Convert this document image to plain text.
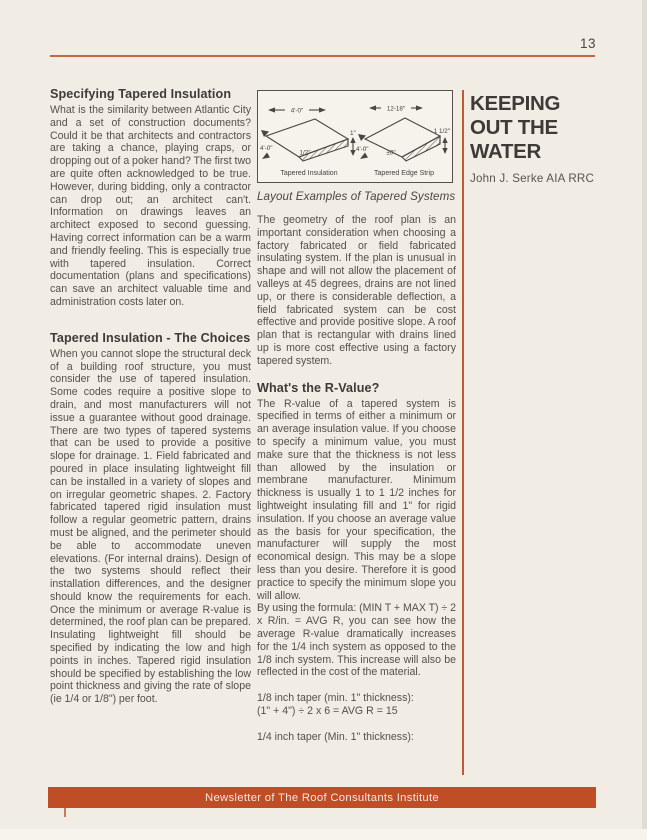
13
Specifying Tapered Insulation

What is the similarity between Atlantic City and a set of construction documents? Could it be that architects and contractors are taking a chance, playing craps, or dropping out of a poker hand? The first two are quite often acknowledged to be true. However, during bidding, only a contractor can drop out; an architect can't. Information on drawings leaves an architect exposed to second guessing. Having correct information can be a warm and friendly feeling. This is especially true with tapered insulation. Correct documentation (plans and specifications) can save an architect valuable time and administration costs later on.

Tapered Insulation - The Choices

When you cannot slope the structural deck of a building roof structure, you must consider the use of tapered insulation. Some codes require a positive slope to drain, and most manufacturers will not issue a guarantee without good drainage. There are two types of tapered systems that can be used to provide a positive slope for drainage. 1. Field fabricated and poured in place insulating lightweight fill can be installed in a variety of slopes and on irregular geometric shapes. 2. Factory fabricated tapered rigid insulation must follow a regular geometric pattern, drains must be aligned, and the perimeter should be able to accommodate uneven elevations. (For internal drains). Design of the two systems should reflect their installation differences, and the designer should know the requirements for each. Once the minimum or average R-value is determined, the roof plan can be prepared. Insulating lightweight fill should be specified by indicating the low and high points in inches. Tapered rigid insulation should be specified by establishing the low point thickness and giving the rate of slope (ie 1/4 or 1/8") per foot.

4'-0"
4'-0"
1/2"
1"
Tapered Insulation
12-18"
4'-0"	±0"
1 1/2"
Tapered Edge Strip

Layout Examples of Tapered Systems

The geometry of the roof plan is an important consideration when choosing a factory fabricated or field fabricated insulating system. If the plan is unusual in shape and will not allow the placement of valleys at 45 degrees, drains are not lined up, or there is considerable deflection, a field fabricated system can be cost effective and provide positive slope. A roof plan that is rectangular with drains lined up is more cost effective using a factory tapered system.

What's the R-Value?

The R-value of a tapered system is specified in terms of either a minimum or an average insulation value. If you choose to specify a minimum value, you must make sure that the thickness is not less than allowed by the insulation or membrane manufacturer. Minimum thickness is usually 1 to 1 1/2 inches for lightweight insulating fill and 1" for rigid insulation. If you choose an average value as the basis for your specification, the manufacturer will supply the most economical design. This may be a slope less than you desire. Therefore it is good practice to specify the minimum slope you will allow.

By using the formula: (MIN T + MAX T) ÷ 2 x R/in. = AVG R, you can see how the average R-value dramatically increases for the 1/4 inch system as opposed to the 1/8 inch system. This increase will also be reflected in the cost of the material.

1/8 inch taper (min. 1" thickness):
(1" + 4") ÷ 2 x 6 = AVG R = 15
1/4 inch taper (Min. 1" thickness):
KEEPING
OUT THE WATER
John J. Serke AIA RRC
Newsletter of The Roof Consultants Institute
